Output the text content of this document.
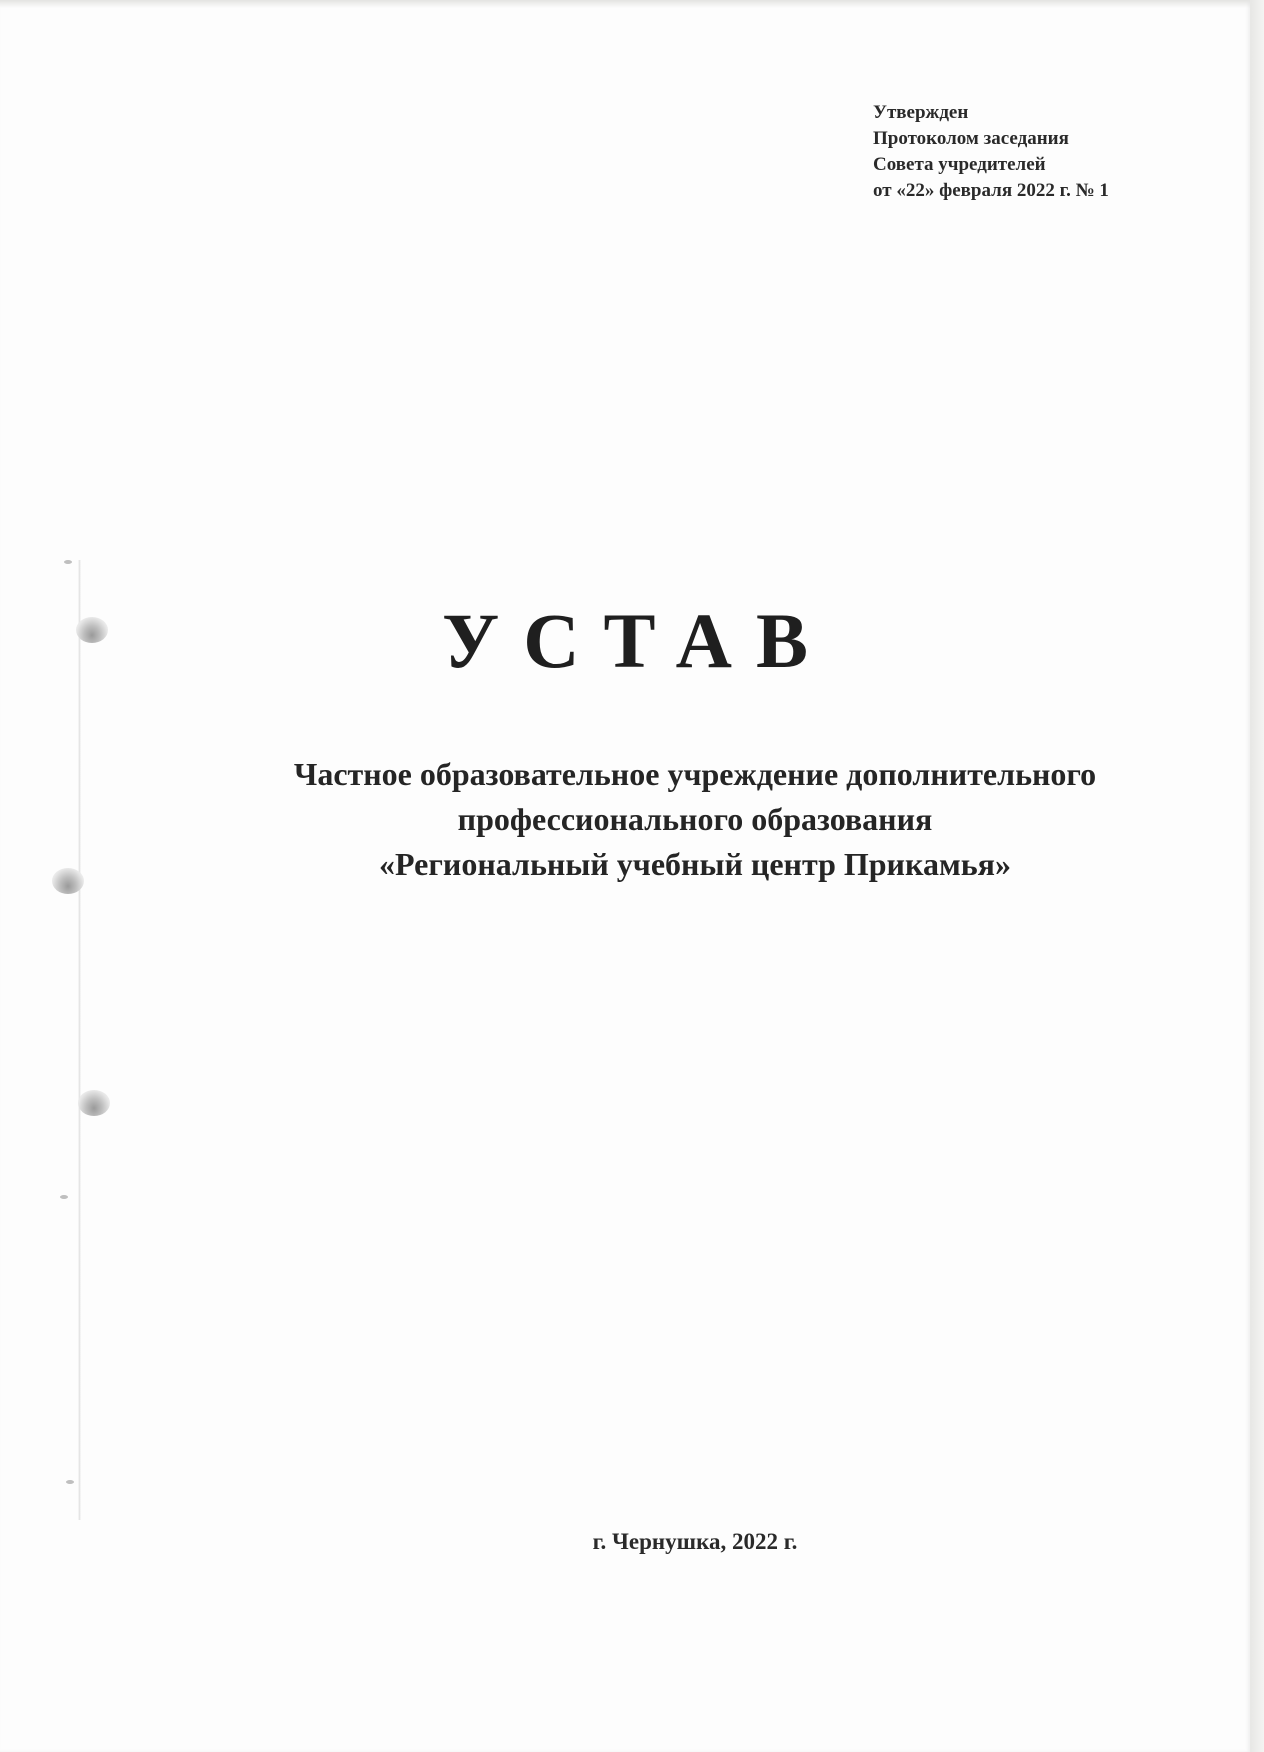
Утвержден
Протоколом заседания
Совета учредителей
от «22» февраля 2022 г. № 1
УСТАВ
Частное образовательное учреждение дополнительного
профессионального образования
«Региональный учебный центр Прикамья»
г. Чернушка, 2022 г.
